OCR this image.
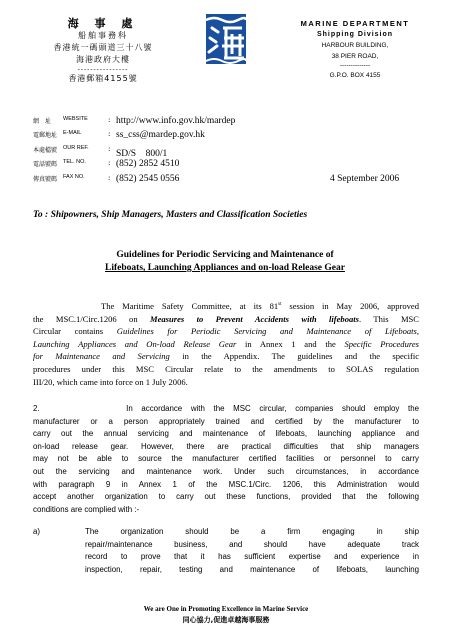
海 事 處
船舶事務科
香港統一碼頭道三十八號
海港政府大樓
----------------
香港郵箱4155號
MARINE DEPARTMENT
Shipping Division
HARBOUR BUILDING,
38 PIER ROAD,
--------------
G.P.O. BOX 4155
網　址	WEBSITE	: http://www.info.gov.hk/mardep
電郵地址	E-MAIL	: ss_css@mardep.gov.hk
本處檔號	OUR REF.	: SD/S　800/1
電話號碼	TEL. NO.	: (852) 2852 4510
傳真號碼	FAX NO.	: (852) 2545 0556	4 September 2006
To : Shipowners, Ship Managers, Masters and Classification Societies
Guidelines for Periodic Servicing and Maintenance of
Lifeboats, Launching Appliances and on-load Release Gear
The Maritime Safety Committee, at its 81st session in May 2006, approved
the MSC.1/Circ.1206 on Measures to Prevent Accidents with lifeboats. This MSC
Circular contains Guidelines for Periodic Servicing and Maintenance of Lifeboats,
Launching Appliances and On-load Release Gear in Annex 1 and the Specific Procedures
for Maintenance and Servicing in the Appendix. The guidelines and the specific
procedures under this MSC Circular relate to the amendments to SOLAS regulation
III/20, which came into force on 1 July 2006.
2.          In accordance with the MSC circular, companies should employ the
manufacturer or a person appropriately trained and certified by the manufacturer to
carry out the annual servicing and maintenance of lifeboats, launching appliance and
on-load release gear. However, there are practical difficulties that ship managers
may not be able to source the manufacturer certified facilities or personnel to carry
out the servicing and maintenance work. Under such circumstances, in accordance
with paragraph 9 in Annex 1 of the MSC.1/Circ. 1206, this Administration would
accept another organization to carry out these functions, provided that the following
conditions are complied with :-
a)	The organization should be a firm engaging in ship
repair/maintenance business, and should have adequate track
record to prove that it has sufficient expertise and experience in
inspection, repair, testing and maintenance of lifeboats, launching
We are One in Promoting Excellence in Marine Service
同心協力,促進卓越海事服務
